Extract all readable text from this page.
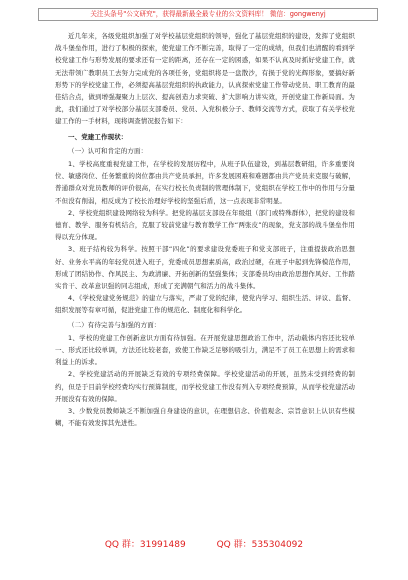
关注头条号"公文研究"，获得最新最全最专业的公文资料库！ 微信：gongwenyj

近几年来，各级党组织加强了对学校基层党组织的领导，强化了基层党组织的建设，发挥了党组织战斗堡垒作用，进行了积极的探索，使党建工作不断完善，取得了一定的成绩，但我们也清醒的看到学校党建工作与形势发展的要求还有一定的距离，还存在一定的困惑，如果不认真及时抓好党建工作，就无法带领广教职员工去努力完成党的各项任务，党组织将是一盘散沙，有损于党的光辉形象，要搞好新形势下的学校党建工作，必须提高基层党组织的执政能力，认真探索党建工作带动党员、职工教育的最佳结合点，做到增强凝聚力上层次、提高创造力求突破、扩大影响力讲实效，开创党建工作新局面。为此，我们通过了对学校部分基层支部委员、党员、入党积极分子、教师交流等方式，获取了有关学校党建工作的一手材料，现将调查情况报告如下：

一、党建工作现状：

（一）认可和肯定的方面：

1、学校高度重视党建工作，在学校的发展历程中，从班子队伍建设，到基层教研组，许多重要岗位、敏感岗位、任务繁重的岗位都由共产党员承担，许多发展困难和难题都由共产党员来克服与破解，普通群众对党员教师的评价很高，在实行校长负责制的管理体制下，党组织在学校工作中的作用与分量不但没有削弱，相反成为了校长治理好学校的坚强后盾，这一点表现非常明显。

2、学校党组织建设网络较为科学。把党的基层支部设在年级组（部门或特殊群体），把党的建设和德育、教学、服务有机结合，克服了较前党建与教育教学工作“两张皮”的现象，党支部的战斗堡垒作用得以充分体现。

3、班子结构较为科学。按照干部“四化”的要求建设党委班子和党支部班子，注重提拔政治思想好、业务水平高的年轻党员进入班子，党委成员思想素质高，政治过硬，在班子中起到先锋模范作用，形成了团结协作、作风民主、为政清廉、开拓创新的坚强集体；支部委员均由政治思想作风好、工作踏实肯干、改革意识强的同志组成，形成了充满朝气和活力的战斗集体。

4、《学校党建党务规范》的建立与落实，严肃了党的纪律，使党内学习、组织生活、评议、监督、组织发展等有章可循，促进党建工作的规范化、制度化和科学化。

（二）有待完善与加强的方面：

1、学校的党建工作创新意识方面有待加强。在开展党建思想政治工作中，活动载体内容还比较单一、形式还比较单调，方法还比较老套，致使工作缺乏足够的吸引力，满足不了员工在思想上的需求和利益上的诉求。

2、学校党建活动的开展缺乏有效的专项经费保障。学校党建活动的开展，虽然未受到经费的制约，但是于目前学校经费均实行预算制度，而学校党建工作没有列入专项经费预算，从而学校党建活动开展没有有效的保障。

3、少数党员教师缺乏不断加强自身建设的意识，在理想信念、价值观念、宗旨意识上认识有些模糊，不能有效发挥其先进性。

QQ 群：31991489	QQ 群：535304092
